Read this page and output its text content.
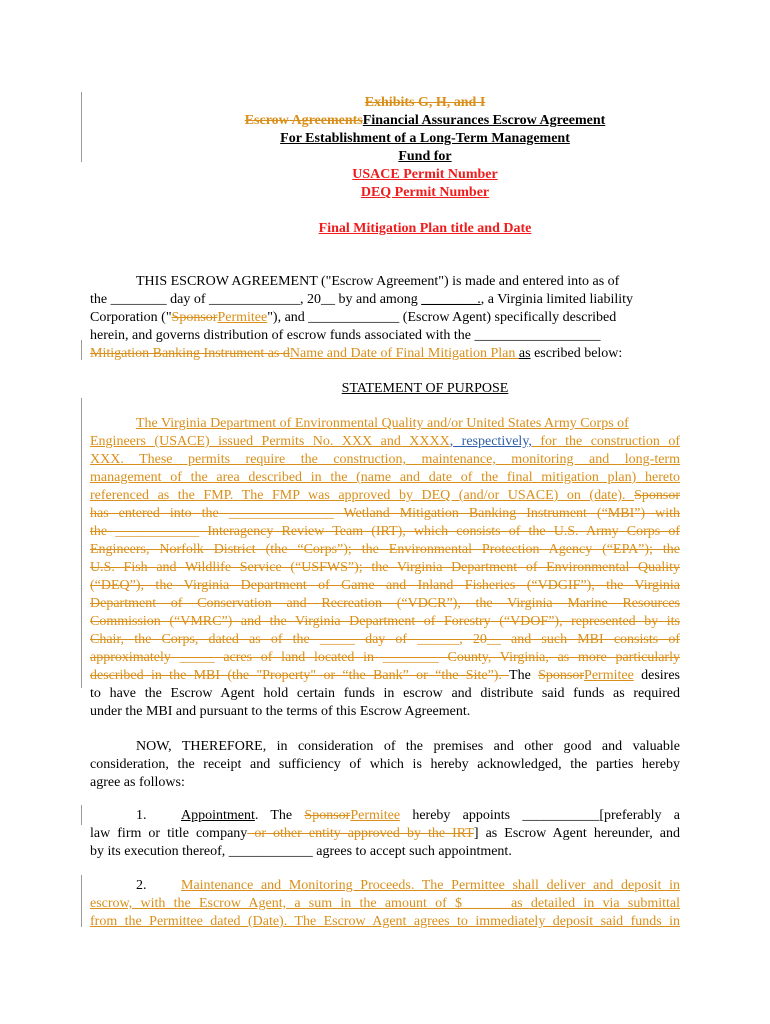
Exhibits G, H, and I
Escrow AgreementsFinancial Assurances Escrow Agreement
For Establishment of a Long-Term Management
Fund for
USACE Permit Number
DEQ Permit Number
Final Mitigation Plan title and Date
THIS ESCROW AGREEMENT ("Escrow Agreement") is made and entered into as of
the ________ day of _____________, 20__ by and among ________., a Virginia limited liability
Corporation ("SponsorPermitee"), and _____________ (Escrow Agent) specifically described
herein, and governs distribution of escrow funds associated with the __________________
Mitigation Banking Instrument as dName and Date of Final Mitigation Plan as escribed below:
STATEMENT OF PURPOSE
The Virginia Department of Environmental Quality and/or United States Army Corps of
Engineers (USACE) issued Permits No. XXX and XXXX, respectively, for the construction of
XXX. These permits require the construction, maintenance, monitoring and long-term
management of the area described in the (name and date of the final mitigation plan) hereto
referenced as the FMP. The FMP was approved by DEQ (and/or USACE) on (date). Sponsor
has entered into the _______________ Wetland Mitigation Banking Instrument (“MBI”) with
the ____________ Interagency Review Team (IRT), which consists of the U.S. Army Corps of
Engineers, Norfolk District (the “Corps”); the Environmental Protection Agency (“EPA”); the
U.S. Fish and Wildlife Service (“USFWS”); the Virginia Department of Environmental Quality
(“DEQ”), the Virginia Department of Game and Inland Fisheries (“VDGIF”), the Virginia
Department of Conservation and Recreation (“VDCR”), the Virginia Marine Resources
Commission (“VMRC”) and the Virginia Department of Forestry (“VDOF”), represented by its
Chair, the Corps, dated as of the _____ day of ______, 20__ and such MBI consists of
approximately _____ acres of land located in ________ County, Virginia, as more particularly
described in the MBI (the "Property" or “the Bank” or “the Site”). The SponsorPermitee desires
to have the Escrow Agent hold certain funds in escrow and distribute said funds as required
under the MBI and pursuant to the terms of this Escrow Agreement.
NOW, THEREFORE, in consideration of the premises and other good and valuable
consideration, the receipt and sufficiency of which is hereby acknowledged, the parties hereby
agree as follows:
1.	Appointment. The SponsorPermitee hereby appoints ___________[preferably a
law firm or title company or other entity approved by the IRT] as Escrow Agent hereunder, and
by its execution thereof, ____________ agrees to accept such appointment.
2.	Maintenance and Monitoring Proceeds. The Permittee shall deliver and deposit in
escrow, with the Escrow Agent, a sum in the amount of $_______as detailed in via submittal
from the Permittee dated (Date). The Escrow Agent agrees to immediately deposit said funds in
